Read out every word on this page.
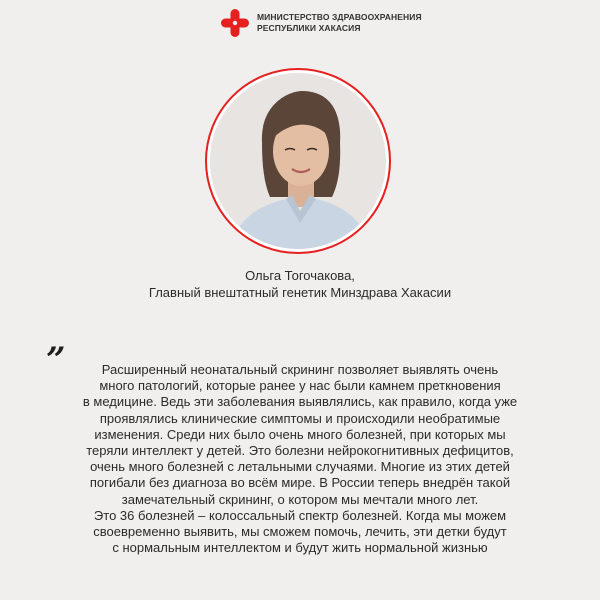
МИНИСТЕРСТВО ЗДРАВООХРАНЕНИЯ
РЕСПУБЛИКИ ХАКАСИЯ
Ольга Тогочакова,
Главный внештатный генетик Минздрава Хакасии
”	Расширенный неонатальный скрининг позволяет выявлять очень
много патологий, которые ранее у нас были камнем преткновения
в медицине. Ведь эти заболевания выявлялись, как правило, когда уже
проявлялись клинические симптомы и происходили необратимые
изменения. Среди них было очень много болезней, при которых мы
теряли интеллект у детей. Это болезни нейрокогнитивных дефицитов,
очень много болезней с летальными случаями. Многие из этих детей
погибали без диагноза во всём мире. В России теперь внедрён такой
замечательный скрининг, о котором мы мечтали много лет.
Это 36 болезней – колоссальный спектр болезней. Когда мы можем
своевременно выявить, мы сможем помочь, лечить, эти детки будут
с нормальным интеллектом и будут жить нормальной жизнью
